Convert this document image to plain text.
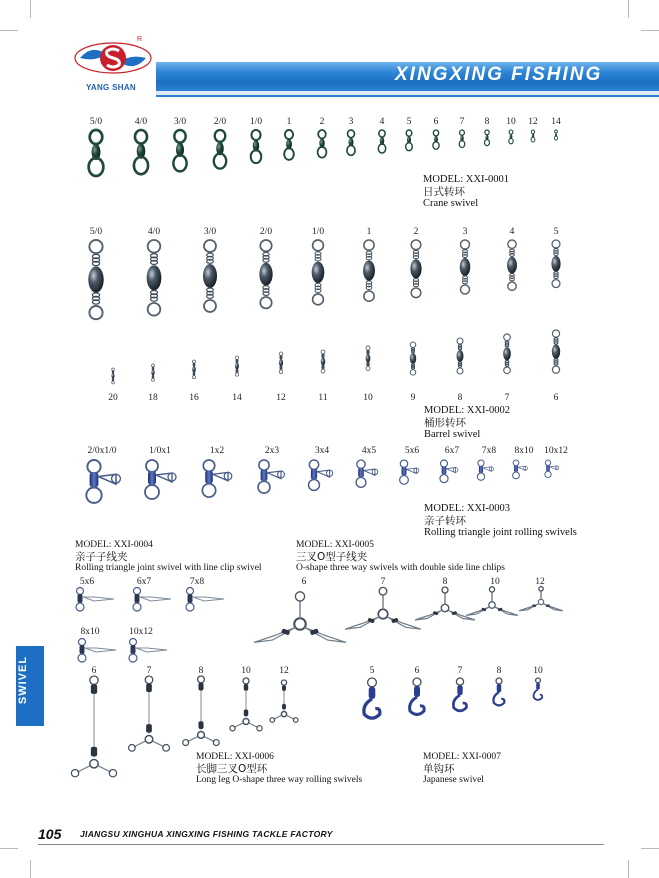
R
YANG SHAN
XINGXING FISHING
5/0	4/0	3/0	2/0	1/0	1	2	3	4 5 6 7 8 10 12 14
MODEL: XXI-0001
日式转环
Crane swivel
5/0	4/0	3/0	2/0	1/0	1	2	3	4	5
20	18	16	14	12	11	10	9	8	7	6
MODEL: XXI-0002
桶形转环
Barrel swivel
2/0x1/0	1/0x1	1x2	2x3	3x4	4x5	5x6	6x7 7x8 8x10 10x12
MODEL: XXI-0003
亲子转环
Rolling triangle joint rolling swivels
MODEL: XXI-0004
亲子子线夹
Rolling triangle joint swivel with line clip swivel
5x6	6x7	7x8
8x10	10x12
MODEL: XXI-0005
三叉O型子线夹
O-shape three way swivels with double side line chlips
6	7	8	10	12
6	7	8	10	12
MODEL: XXI-0006
长脚三叉O型环
Long leg O-shape three way rolling swivels
5	6	7	8	10
MODEL: XXI-0007
单钩环
Japanese swivel
SWIVEL
105 JIANGSU XINGHUA XINGXING FISHING TACKLE FACTORY
